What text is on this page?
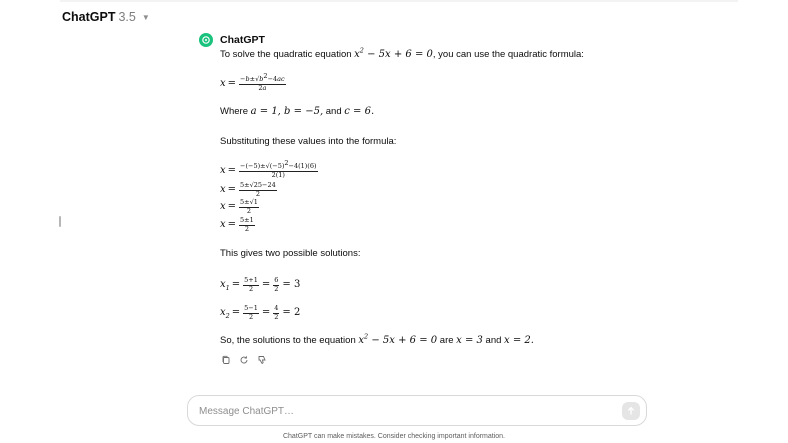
ChatGPT 3.5 ▼
ChatGPT
To solve the quadratic equation $x^2 - 5x + 6 = 0$, you can use the quadratic formula:
$x = \frac{-b\pm√b^2-4ac}{2a}$
Where a = 1, b = −5, and c = 6.
Substituting these values into the formula:
$x = \frac{-(-5)\pm√(-5)^2-4(1)(6)}{2(1)}$
$x = \frac{5\pm√25-24}{2}$
$x = \frac{5\pm√1}{2}$
$x = \frac{5\pm 1}{2}$
This gives two possible solutions:
$x_1 = \frac{5+1}{2} = \frac{6}{2} = 3$
$x_2 = \frac{5-1}{2} = \frac{4}{2} = 2$
So, the solutions to the equation $x^2 - 5x + 6 = 0$ are x = 3 and x = 2.
Message ChatGPT…
ChatGPT can make mistakes. Consider checking important information.
